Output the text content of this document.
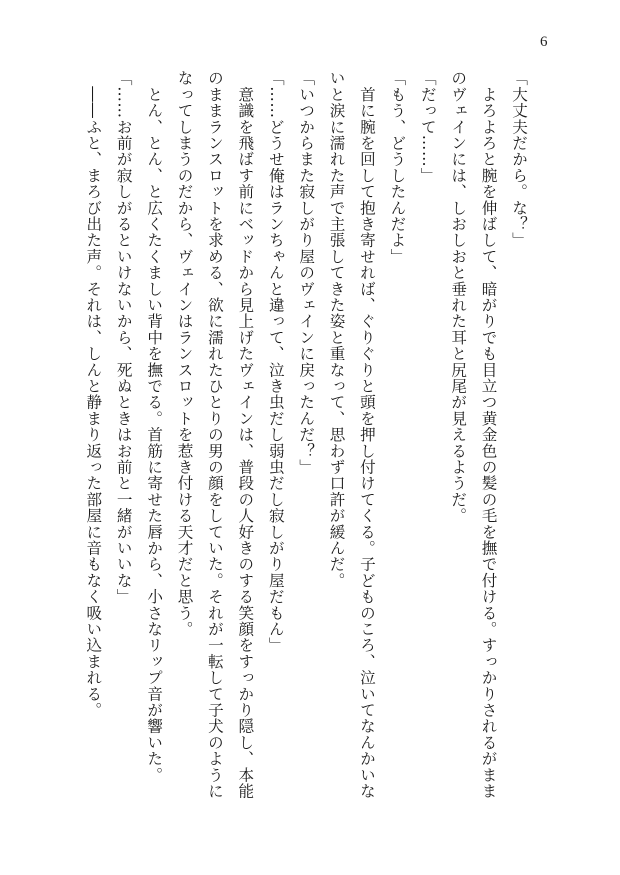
6
「大丈夫だから。な？」
　よろよろと腕を伸ばして、暗がりでも目立つ黄金色の髪の毛を撫で付ける。すっかりされるがまま
のヴェインには、しおしおと垂れた耳と尻尾が見えるようだ。
「だって……」
「もう、どうしたんだよ」
　首に腕を回して抱き寄せれば、ぐりぐりと頭を押し付けてくる。子どものころ、泣いてなんかいな
いと涙に濡れた声で主張してきた姿と重なって、思わず口許が緩んだ。
「いつからまた寂しがり屋のヴェインに戻ったんだ？」
「……どうせ俺はランちゃんと違って、泣き虫だし弱虫だし寂しがり屋だもん」
　意識を飛ばす前にベッドから見上げたヴェインは、普段の人好きのする笑顔をすっかり隠し、本能
のままランスロットを求める、欲に濡れたひとりの男の顔をしていた。それが一転して子犬のように
なってしまうのだから、ヴェインはランスロットを惹き付ける天才だと思う。
　とん、とん、と広くたくましい背中を撫でる。首筋に寄せた唇から、小さなリップ音が響いた。
「……お前が寂しがるといけないから、死ぬときはお前と一緒がいいな」
　――ふと、まろび出た声。それは、しんと静まり返った部屋に音もなく吸い込まれる。
